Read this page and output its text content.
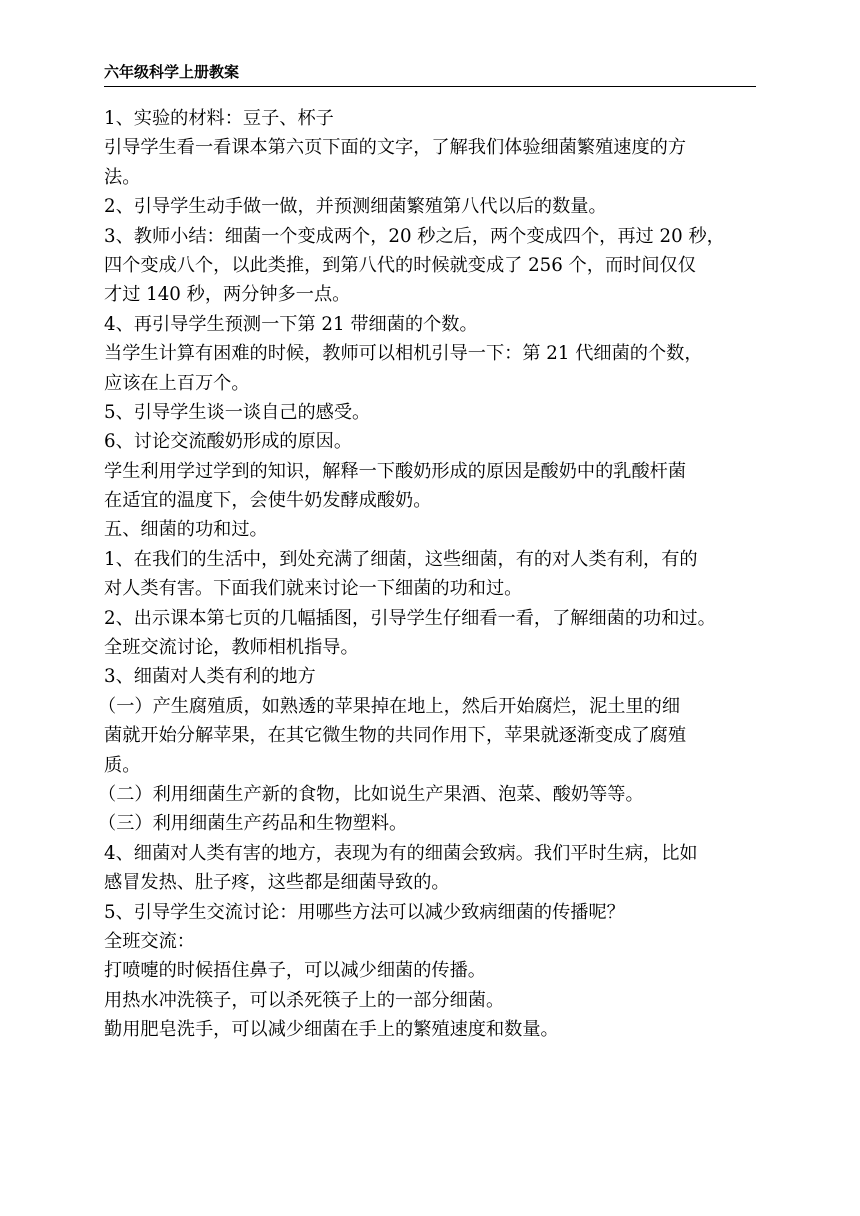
六年级科学上册教案
1、实验的材料：豆子、杯子
引导学生看一看课本第六页下面的文字，了解我们体验细菌繁殖速度的方
法。
2、引导学生动手做一做，并预测细菌繁殖第八代以后的数量。
3、教师小结：细菌一个变成两个，20 秒之后，两个变成四个，再过 20 秒，
四个变成八个，以此类推，到第八代的时候就变成了 256 个，而时间仅仅
才过 140 秒，两分钟多一点。
4、再引导学生预测一下第 21 带细菌的个数。
当学生计算有困难的时候，教师可以相机引导一下：第 21 代细菌的个数，
应该在上百万个。
5、引导学生谈一谈自己的感受。
6、讨论交流酸奶形成的原因。
学生利用学过学到的知识，解释一下酸奶形成的原因是酸奶中的乳酸杆菌
在适宜的温度下，会使牛奶发酵成酸奶。
五、细菌的功和过。
1、在我们的生活中，到处充满了细菌，这些细菌，有的对人类有利，有的
对人类有害。下面我们就来讨论一下细菌的功和过。
2、出示课本第七页的几幅插图，引导学生仔细看一看，了解细菌的功和过。
全班交流讨论，教师相机指导。
3、细菌对人类有利的地方
（一）产生腐殖质，如熟透的苹果掉在地上，然后开始腐烂，泥土里的细
菌就开始分解苹果，在其它微生物的共同作用下，苹果就逐渐变成了腐殖
质。
（二）利用细菌生产新的食物，比如说生产果酒、泡菜、酸奶等等。
（三）利用细菌生产药品和生物塑料。
4、细菌对人类有害的地方，表现为有的细菌会致病。我们平时生病，比如
感冒发热、肚子疼，这些都是细菌导致的。
5、引导学生交流讨论：用哪些方法可以减少致病细菌的传播呢？
全班交流：
打喷嚏的时候捂住鼻子，可以减少细菌的传播。
用热水冲洗筷子，可以杀死筷子上的一部分细菌。
勤用肥皂洗手，可以减少细菌在手上的繁殖速度和数量。
